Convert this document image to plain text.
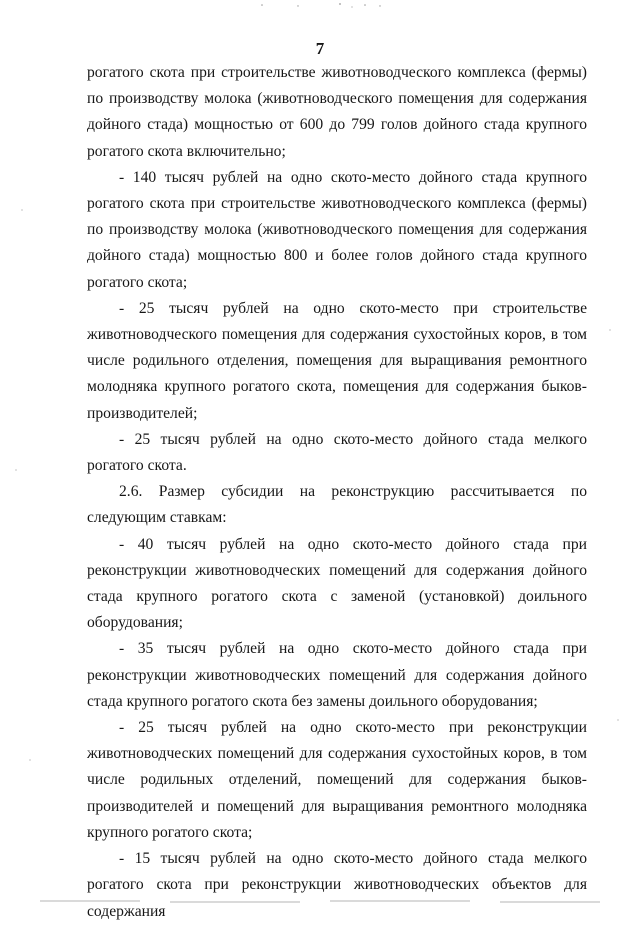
7

рогатого скота при строительстве животноводческого комплекса (фермы) по производству молока (животноводческого помещения для содержания дойного стада) мощностью от 600 до 799 голов дойного стада крупного рогатого скота включительно;

- 140 тысяч рублей на одно ското-место дойного стада крупного рогатого скота при строительстве животноводческого комплекса (фермы) по производству молока (животноводческого помещения для содержания дойного стада) мощностью 800 и более голов дойного стада крупного рогатого скота;

- 25 тысяч рублей на одно ското-место при строительстве животноводческого помещения для содержания сухостойных коров, в том числе родильного отделения, помещения для выращивания ремонтного молодняка крупного рогатого скота, помещения для содержания быков-производителей;

- 25 тысяч рублей на одно ското-место дойного стада мелкого рогатого скота.

2.6. Размер субсидии на реконструкцию рассчитывается по следующим ставкам:

- 40 тысяч рублей на одно ското-место дойного стада при реконструкции животноводческих помещений для содержания дойного стада крупного рогатого скота с заменой (установкой) доильного оборудования;

- 35 тысяч рублей на одно ското-место дойного стада при реконструкции животноводческих помещений для содержания дойного стада крупного рогатого скота без замены доильного оборудования;

- 25 тысяч рублей на одно ското-место при реконструкции животноводческих помещений для содержания сухостойных коров, в том числе родильных отделений, помещений для содержания быков-производителей и помещений для выращивания ремонтного молодняка крупного рогатого скота;

- 15 тысяч рублей на одно ското-место дойного стада мелкого рогатого скота при реконструкции животноводческих объектов для содержания
